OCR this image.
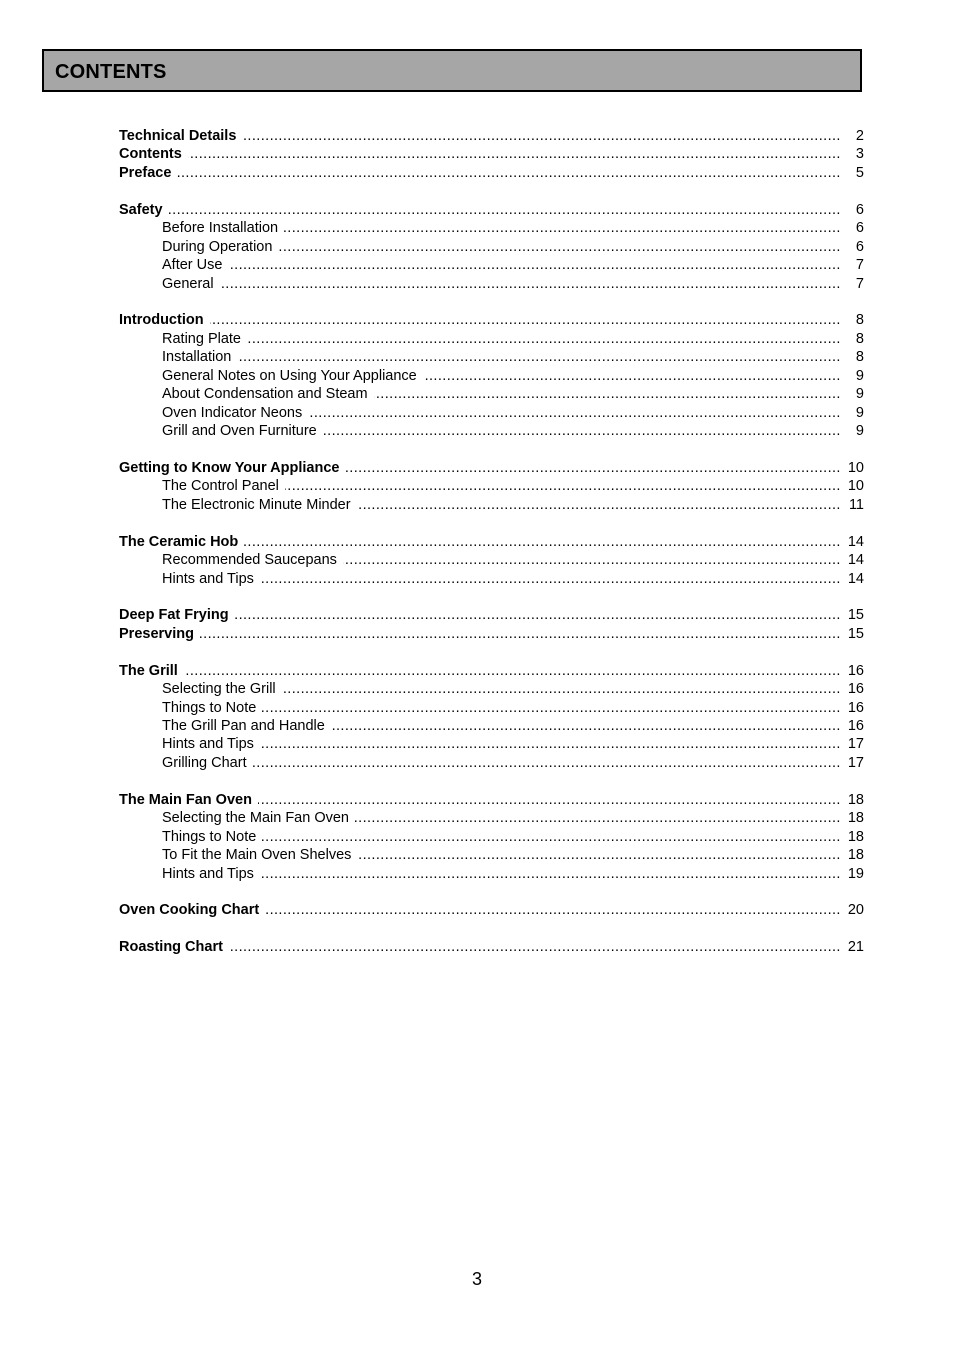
CONTENTS
.....
Technical Details	2
.....
Contents	3
.....
Preface	5
.....
Safety	6
.....
Before Installation	6
.....
During Operation	6
.....
After Use	7
.....
General	7
.....
Introduction	8
.....
Rating Plate	8
.....
Installation	8
.....
General Notes on Using Your Appliance	9
.....
About Condensation and Steam	9
.....
Oven Indicator Neons	9
.....
Grill and Oven Furniture	9
.....
Getting to Know Your Appliance	10
.....
The Control Panel	10
.....
The Electronic Minute Minder	11
.....
The Ceramic Hob	14
.....
Recommended Saucepans	14
.....
Hints and Tips	14
.....
Deep Fat Frying	15
.....
Preserving	15
.....
The Grill	16
.....
Selecting the Grill	16
.....
Things to Note	16
.....
The Grill Pan and Handle	16
.....
Hints and Tips	17
.....
Grilling Chart	17
.....
The Main Fan Oven	18
.....
Selecting the Main Fan Oven	18
.....
Things to Note	18
.....
To Fit the Main Oven Shelves	18
.....
Hints and Tips	19
.....
Oven Cooking Chart	20
.....
Roasting Chart	21
3
